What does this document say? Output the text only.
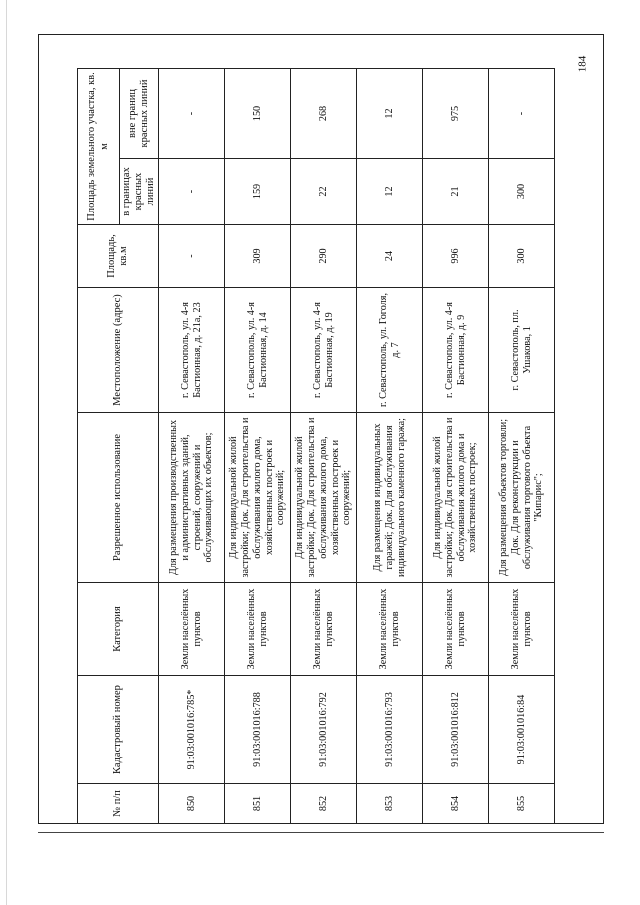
184
№ п/п	Кадастровый номер	Категория	Разрешенное использование	Местоположение (адрес)	Площадь, кв.м	Площадь земельного участка, кв. м	
						в границах красных линий	вне границ красных линий
850	91:03:001016:785*	Земли населённых пунктов	Для размещения производственных и административных зданий, строений, сооружений и обслуживающих их объектов;	г. Севастополь, ул. 4-я Бастионная, д. 21а, 23	-	-	-
851	91:03:001016:788	Земли населённых пунктов	Для индивидуальной жилой застройки; Док. Для строительства и обслуживания жилого дома, хозяйственных построек и сооружений;	г. Севастополь, ул. 4-я Бастионная, д. 14	309	159	150
852	91:03:001016:792	Земли населённых пунктов	Для индивидуальной жилой застройки; Док. Для строительства и обслуживания жилого дома, хозяйственных построек и сооружений;	г. Севастополь, ул. 4-я Бастионная, д. 19	290	22	268
853	91:03:001016:793	Земли населённых пунктов	Для размещения индивидуальных гаражей; Док. Для обслуживания индивидуального каменного гаража;	г. Севастополь, ул. Гоголя, д. 7	24	12	12
854	91:03:001016:812	Земли населённых пунктов	Для индивидуальной жилой застройки; Док. Для строительства и обслуживания жилого дома и хозяйственных построек;	г. Севастополь, ул. 4-я Бастионная, д. 9	996	21	975
855	91:03:001016:84	Земли населённых пунктов	Для размещения объектов торговли; Док. Для реконструкции и обслуживания торгового объекта "Кипарис";	г. Севастополь, пл. Ушакова, 1	300	300	-
